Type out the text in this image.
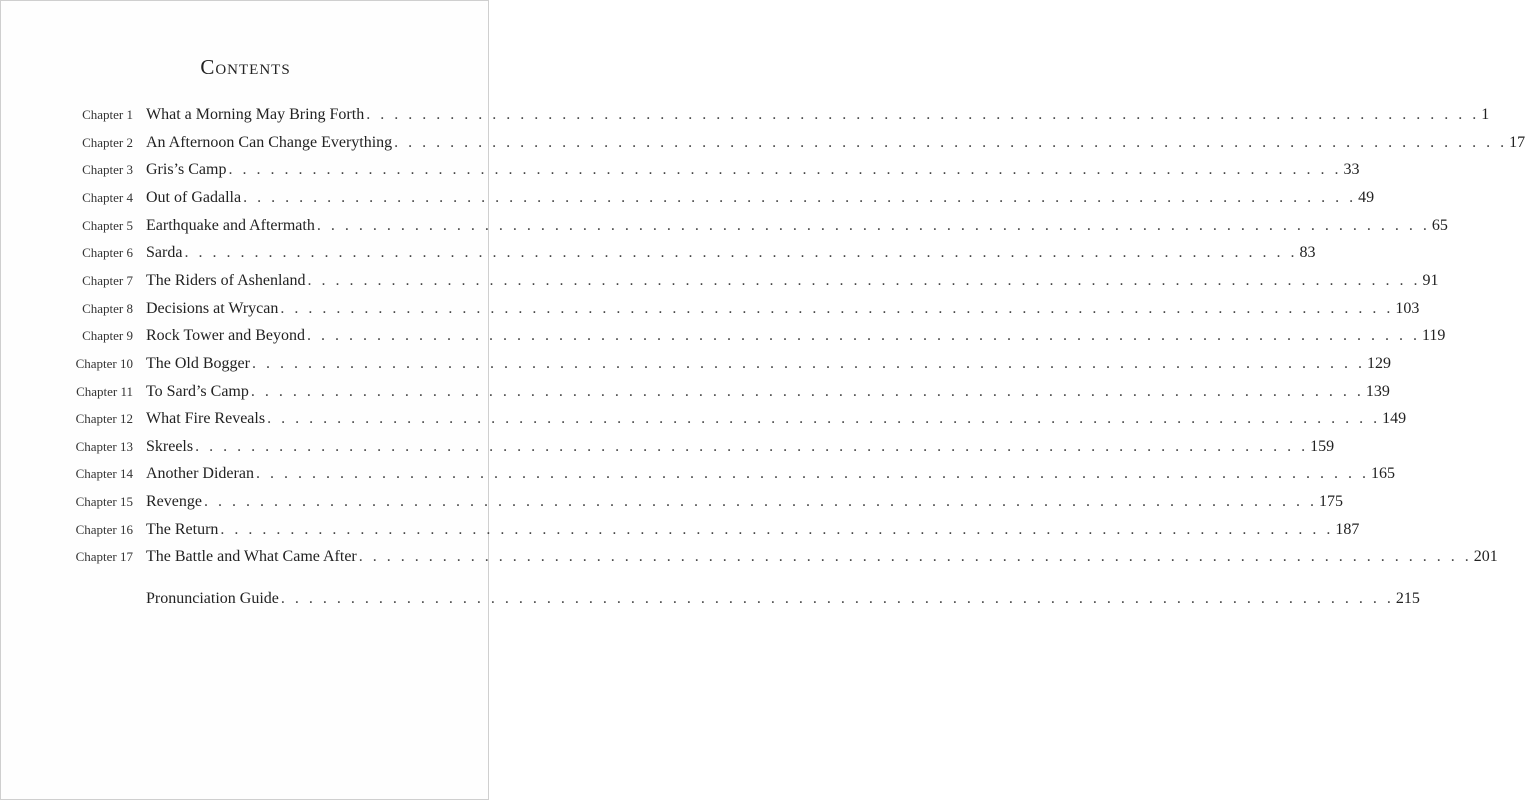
Contents
Chapter 1 What a Morning May Bring Forth . . . . . . . . . . . . . . . . . . . . . . . . . . . . . . . . . . . . . . . . . . . . . . . . . . . . . . . . . . . . . . . . . . . . . . . . . . . . . . . . 1
Chapter 2 An Afternoon Can Change Everything . . . . . . . . . . . . . . . . . . . . . . . . . . . . . . . . . . . . . . . . . . . . . . . . . . . . . . . . . . . . . . . . . . . . . . . . . . . . . . . . 17
Chapter 3 Gris’s Camp . . . . . . . . . . . . . . . . . . . . . . . . . . . . . . . . . . . . . . . . . . . . . . . . . . . . . . . . . . . . . . . . . . . . . . . . . . . . . . . . 33
Chapter 4 Out of Gadalla . . . . . . . . . . . . . . . . . . . . . . . . . . . . . . . . . . . . . . . . . . . . . . . . . . . . . . . . . . . . . . . . . . . . . . . . . . . . . . . . 49
Chapter 5 Earthquake and Aftermath . . . . . . . . . . . . . . . . . . . . . . . . . . . . . . . . . . . . . . . . . . . . . . . . . . . . . . . . . . . . . . . . . . . . . . . . . . . . . . . . 65
Chapter 6 Sarda . . . . . . . . . . . . . . . . . . . . . . . . . . . . . . . . . . . . . . . . . . . . . . . . . . . . . . . . . . . . . . . . . . . . . . . . . . . . . . . . 83
Chapter 7 The Riders of Ashenland . . . . . . . . . . . . . . . . . . . . . . . . . . . . . . . . . . . . . . . . . . . . . . . . . . . . . . . . . . . . . . . . . . . . . . . . . . . . . . . . 91
Chapter 8 Decisions at Wrycan . . . . . . . . . . . . . . . . . . . . . . . . . . . . . . . . . . . . . . . . . . . . . . . . . . . . . . . . . . . . . . . . . . . . . . . . . . . . . . . . 103
Chapter 9 Rock Tower and Beyond . . . . . . . . . . . . . . . . . . . . . . . . . . . . . . . . . . . . . . . . . . . . . . . . . . . . . . . . . . . . . . . . . . . . . . . . . . . . . . . . 119
Chapter 10 The Old Bogger . . . . . . . . . . . . . . . . . . . . . . . . . . . . . . . . . . . . . . . . . . . . . . . . . . . . . . . . . . . . . . . . . . . . . . . . . . . . . . . . 129
Chapter 11 To Sard’s Camp . . . . . . . . . . . . . . . . . . . . . . . . . . . . . . . . . . . . . . . . . . . . . . . . . . . . . . . . . . . . . . . . . . . . . . . . . . . . . . . . 139
Chapter 12 What Fire Reveals . . . . . . . . . . . . . . . . . . . . . . . . . . . . . . . . . . . . . . . . . . . . . . . . . . . . . . . . . . . . . . . . . . . . . . . . . . . . . . . . 149
Chapter 13 Skreels . . . . . . . . . . . . . . . . . . . . . . . . . . . . . . . . . . . . . . . . . . . . . . . . . . . . . . . . . . . . . . . . . . . . . . . . . . . . . . . . 159
Chapter 14 Another Dideran . . . . . . . . . . . . . . . . . . . . . . . . . . . . . . . . . . . . . . . . . . . . . . . . . . . . . . . . . . . . . . . . . . . . . . . . . . . . . . . . 165
Chapter 15 Revenge . . . . . . . . . . . . . . . . . . . . . . . . . . . . . . . . . . . . . . . . . . . . . . . . . . . . . . . . . . . . . . . . . . . . . . . . . . . . . . . . 175
Chapter 16 The Return . . . . . . . . . . . . . . . . . . . . . . . . . . . . . . . . . . . . . . . . . . . . . . . . . . . . . . . . . . . . . . . . . . . . . . . . . . . . . . . . 187
Chapter 17 The Battle and What Came After . . . . . . . . . . . . . . . . . . . . . . . . . . . . . . . . . . . . . . . . . . . . . . . . . . . . . . . . . . . . . . . . . . . . . . . . . . . . . . . . 201
Pronunciation Guide . . . . . . . . . . . . . . . . . . . . . . . . . . . . . . . . . . . . . . . . . . . . . . . . . . . . . . . . . . . . . . . . . . . . . . . . . . . . . . . . 215
